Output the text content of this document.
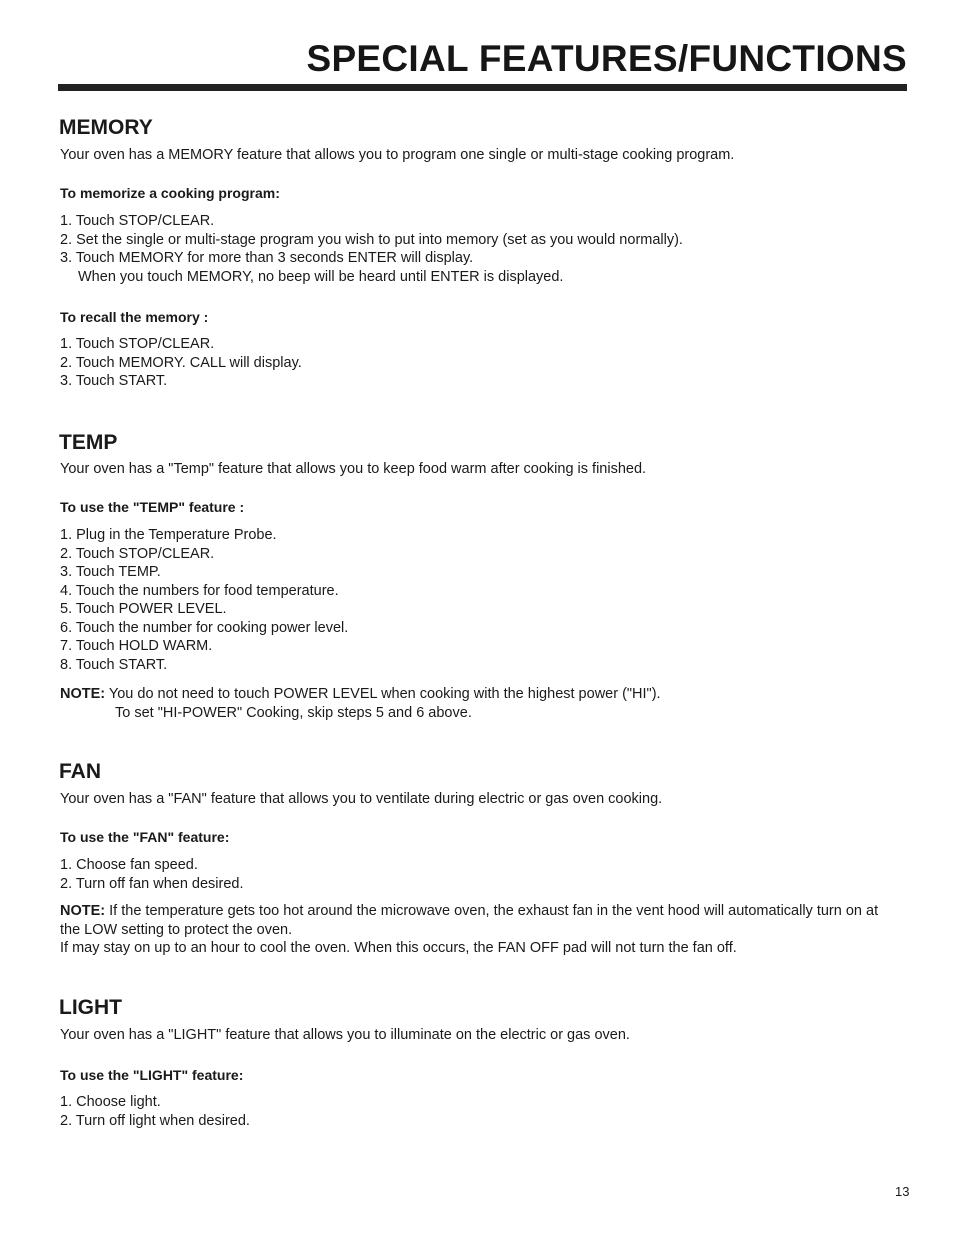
SPECIAL FEATURES/FUNCTIONS
MEMORY

Your oven has a MEMORY feature that allows you to program one single or multi-stage cooking program.

To memorize a cooking program:

1. Touch STOP/CLEAR.
2. Set the single or multi-stage program you wish to put into memory (set as you would normally).
3. Touch MEMORY for more than 3 seconds ENTER will display.
When you touch MEMORY, no beep will be heard until ENTER is displayed.

To recall the memory :

1. Touch STOP/CLEAR.
2. Touch MEMORY. CALL will display.
3. Touch START.
TEMP

Your oven has a "Temp" feature that allows you to keep food warm after cooking is finished.

To use the "TEMP" feature :

1. Plug in the Temperature Probe.
2. Touch STOP/CLEAR.
3. Touch TEMP.
4. Touch the numbers for food temperature.
5. Touch POWER LEVEL.
6. Touch the number for cooking power level.
7. Touch HOLD WARM.
8. Touch START.

NOTE: You do not need to touch POWER LEVEL when cooking with the highest power ("HI").
To set "HI-POWER" Cooking, skip steps 5 and 6 above.

FAN

Your oven has a "FAN" feature that allows you to ventilate during electric or gas oven cooking.

To use the "FAN" feature:

1. Choose fan speed.
2. Turn off fan when desired.

NOTE: If the temperature gets too hot around the microwave oven, the exhaust fan in the vent hood will automatically turn on at the LOW setting to protect the oven.
If may stay on up to an hour to cool the oven. When this occurs, the FAN OFF pad will not turn the fan off.

LIGHT

Your oven has a "LIGHT" feature that allows you to illuminate on the electric or gas oven.

To use the "LIGHT" feature:

1. Choose light.
2. Turn off light when desired.

13
